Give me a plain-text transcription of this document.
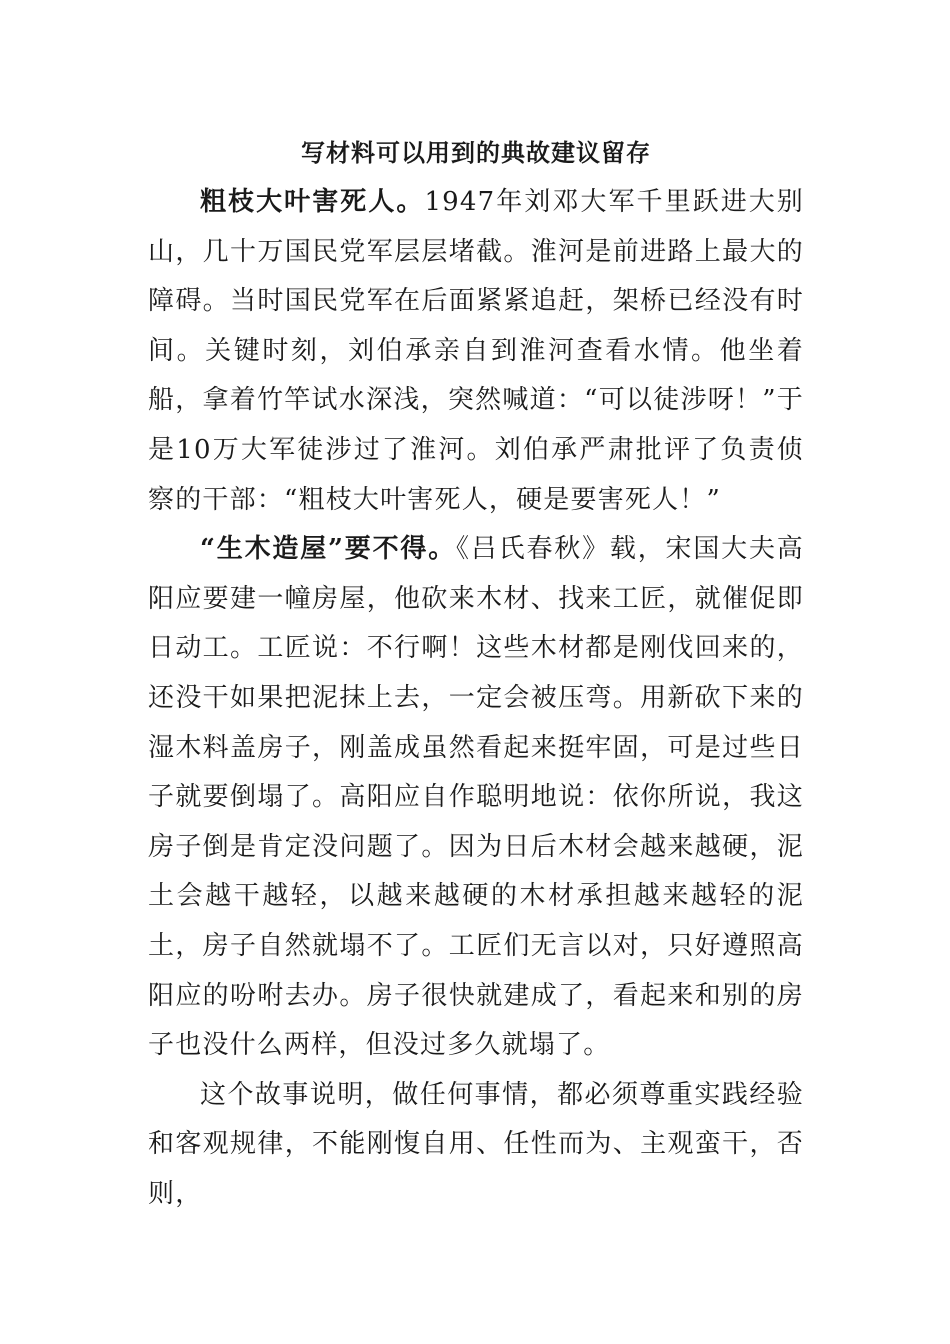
写材料可以用到的典故建议留存

粗枝大叶害死人。1947年刘邓大军千里跃进大别山，几十万国民党军层层堵截。淮河是前进路上最大的障碍。当时国民党军在后面紧紧追赶，架桥已经没有时间。关键时刻，刘伯承亲自到淮河查看水情。他坐着船，拿着竹竿试水深浅，突然喊道：“可以徒涉呀！”于是10万大军徒涉过了淮河。刘伯承严肃批评了负责侦察的干部：“粗枝大叶害死人，硬是要害死人！”

“生木造屋”要不得。《吕氏春秋》载，宋国大夫高阳应要建一幢房屋，他砍来木材、找来工匠，就催促即日动工。工匠说：不行啊！这些木材都是刚伐回来的，还没干如果把泥抹上去，一定会被压弯。用新砍下来的湿木料盖房子，刚盖成虽然看起来挺牢固，可是过些日子就要倒塌了。高阳应自作聪明地说：依你所说，我这房子倒是肯定没问题了。因为日后木材会越来越硬，泥土会越干越轻，以越来越硬的木材承担越来越轻的泥土，房子自然就塌不了。工匠们无言以对，只好遵照高阳应的吩咐去办。房子很快就建成了，看起来和别的房子也没什么两样，但没过多久就塌了。

这个故事说明，做任何事情，都必须尊重实践经验和客观规律，不能刚愎自用、任性而为、主观蛮干，否则，
